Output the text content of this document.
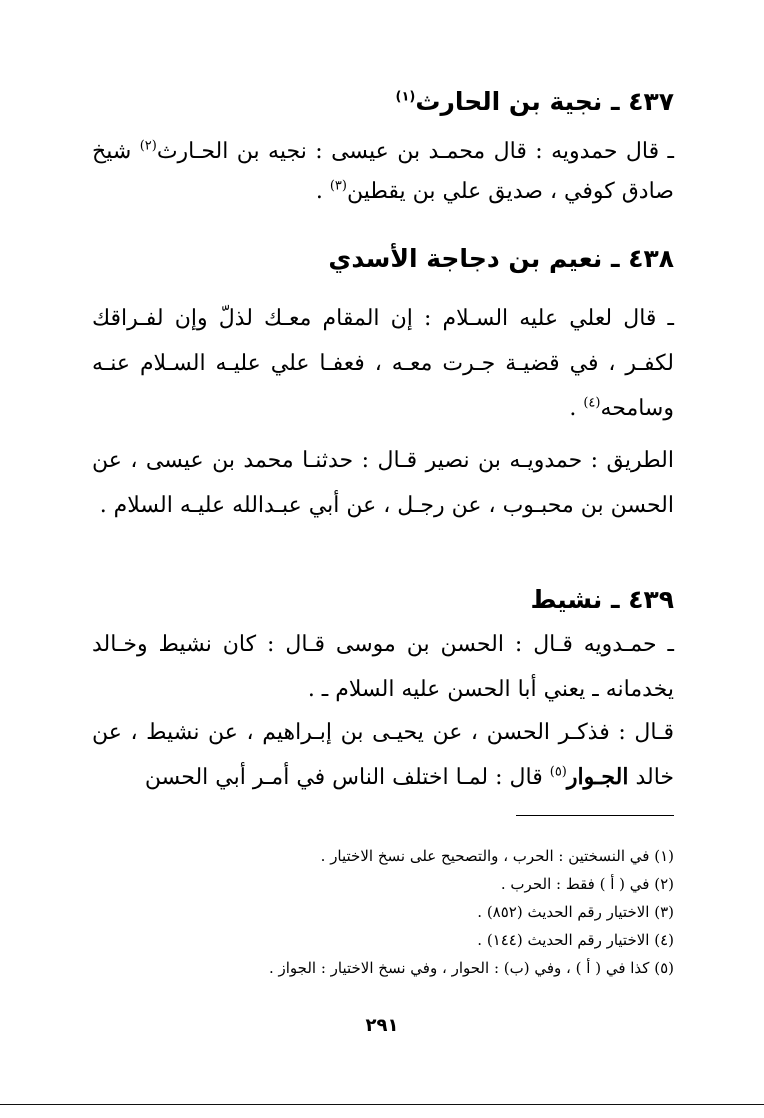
٤٣٧ ـ نجية بن الحارث$^{(١)}$
ـ قال حمدويه : قال محمـد بن عيسى : نجيه بن الحـارث$^{(٢)}$ شيخ صادق كوفي ، صديق علي بن يقطين$^{(٣)}$ .
٤٣٨ ـ نعيم بن دجاجة الأسدي
ـ قال لعلي عليه السـلام : إن المقام معـك لذلّ وإن لفـراقك لكفـر ، في قضيـة جـرت معـه ، فعفـا علي عليـه السـلام عنـه وسامحه$^{(٤)}$ .
الطريق : حمدويـه بن نصير قـال : حدثنـا محمد بن عيسى ، عن الحسن بن محبـوب ، عن رجـل ، عن أبي عبـدالله عليـه السلام .
٤٣٩ ـ نشيط
ـ حمـدويه قـال : الحسن بن موسى قـال : كان نشيط وخـالد يخدمانه ـ يعني أبا الحسن عليه السلام ـ .
قـال : فذكـر الحسن ، عن يحيـى بن إبـراهيم ، عن نشيط ، عن خالد الجـوار$^{(٥)}$ قال : لمـا اختلف الناس في أمـر أبي الحسن
(١) في النسختين : الحرب ، والتصحيح على نسخ الاختيار .
(٢) في ( أ ) فقط : الحرب .
(٣) الاختيار رقم الحديث (٨٥٢) .
(٤) الاختيار رقم الحديث (١٤٤) .
(٥) كذا في ( أ ) ، وفي (ب) : الحوار ، وفي نسخ الاختيار : الجواز .
٢٩١
